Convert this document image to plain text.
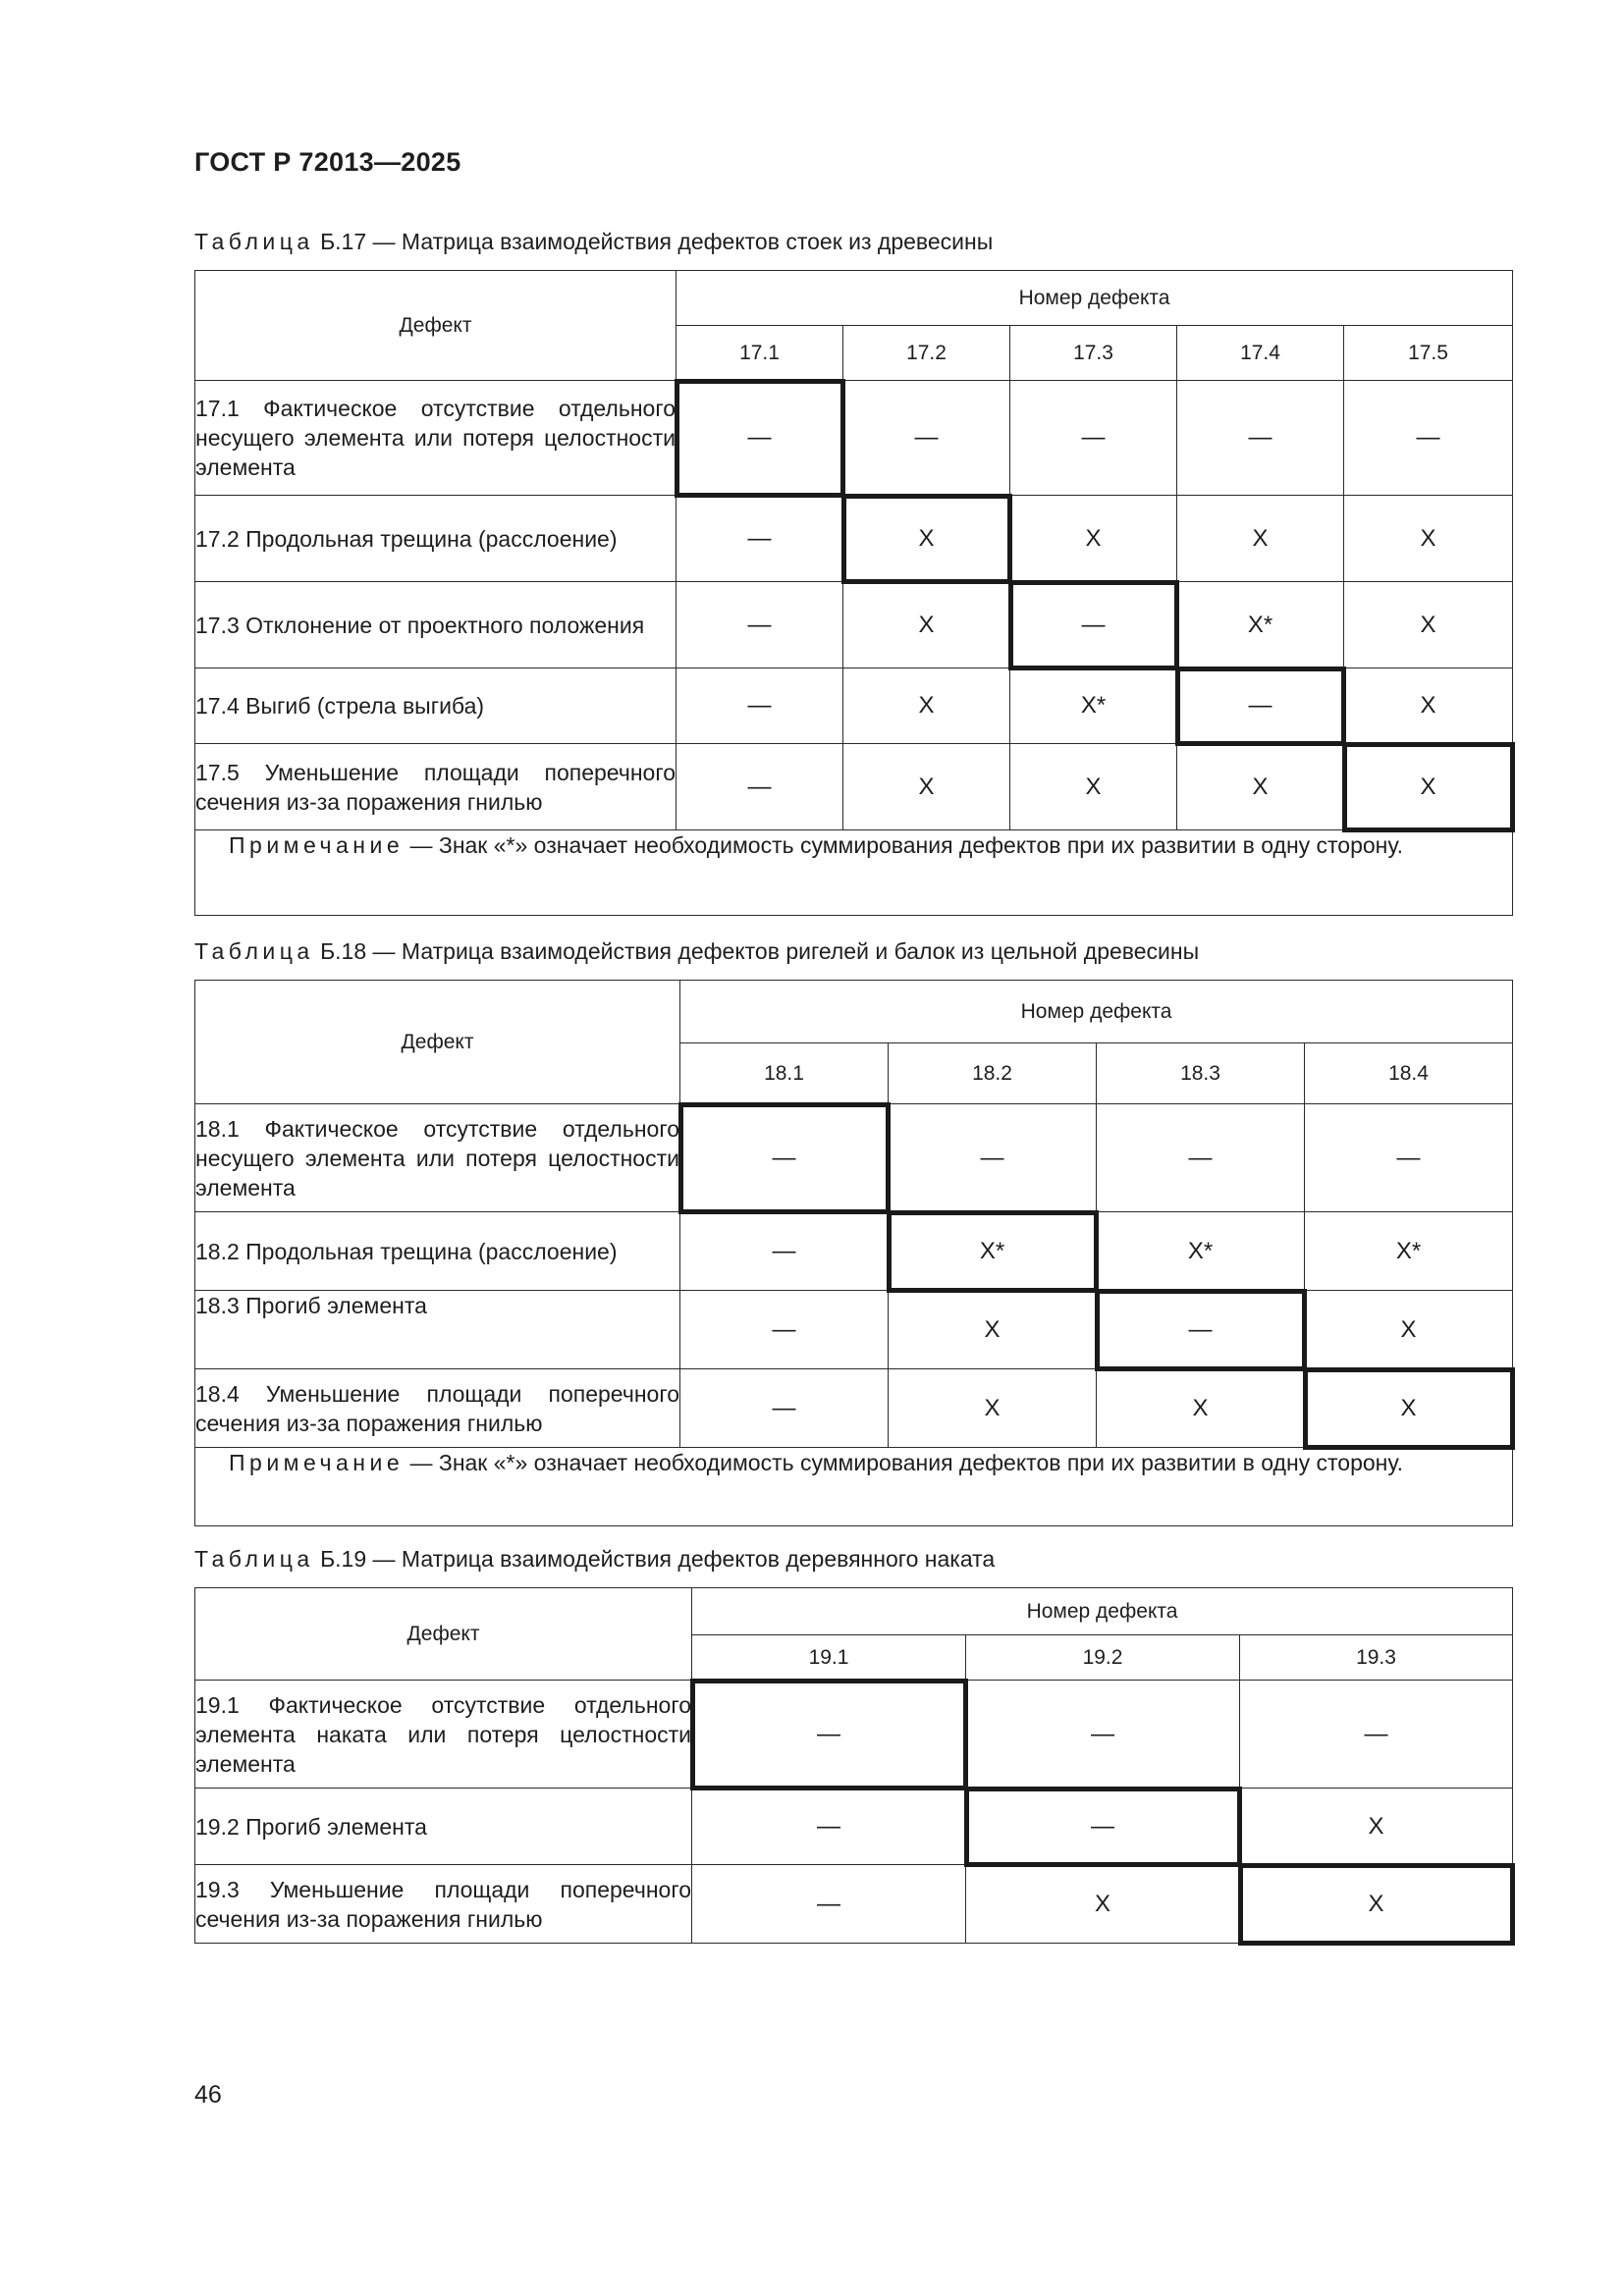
ГОСТ Р 72013—2025

Таблица Б.17 — Матрица взаимодействия дефектов стоек из древесины

Дефект	Номер дефекта				
	17.1	17.2	17.3	17.4	17.5
17.1 Фактическое отсутствие отдельного несущего элемента или потеря целостности элемента	—	—	—	—	—
17.2 Продольная трещина (расслоение)	—	X	X	X	X
17.3 Отклонение от проектного положения	—	X	—	X*	X
17.4 Выгиб (стрела выгиба)	—	X	X*	—	X
17.5 Уменьшение площади поперечного сечения из-за поражения гнилью	—	X	X	X	X
Примечание — Знак «*» означает необходимость суммирования дефектов при их развитии в одну сторону.					

Таблица Б.18 — Матрица взаимодействия дефектов ригелей и балок из цельной древесины

Дефект	Номер дефекта			
	18.1	18.2	18.3	18.4
18.1 Фактическое отсутствие отдельного несущего элемента или потеря целостности элемента	—	—	—	—
18.2 Продольная трещина (расслоение)	—	X*	X*	X*
18.3 Прогиб элемента	—	X	—	X
18.4 Уменьшение площади поперечного сечения из-за поражения гнилью	—	X	X	X
Примечание — Знак «*» означает необходимость суммирования дефектов при их развитии в одну сторону.				

Таблица Б.19 — Матрица взаимодействия дефектов деревянного наката

Дефект	Номер дефекта		
	19.1	19.2	19.3
19.1 Фактическое отсутствие отдельного элемента наката или потеря целостности элемента	—	—	—
19.2 Прогиб элемента	—	—	X
19.3 Уменьшение площади поперечного сечения из-за поражения гнилью	—	X	X

46
